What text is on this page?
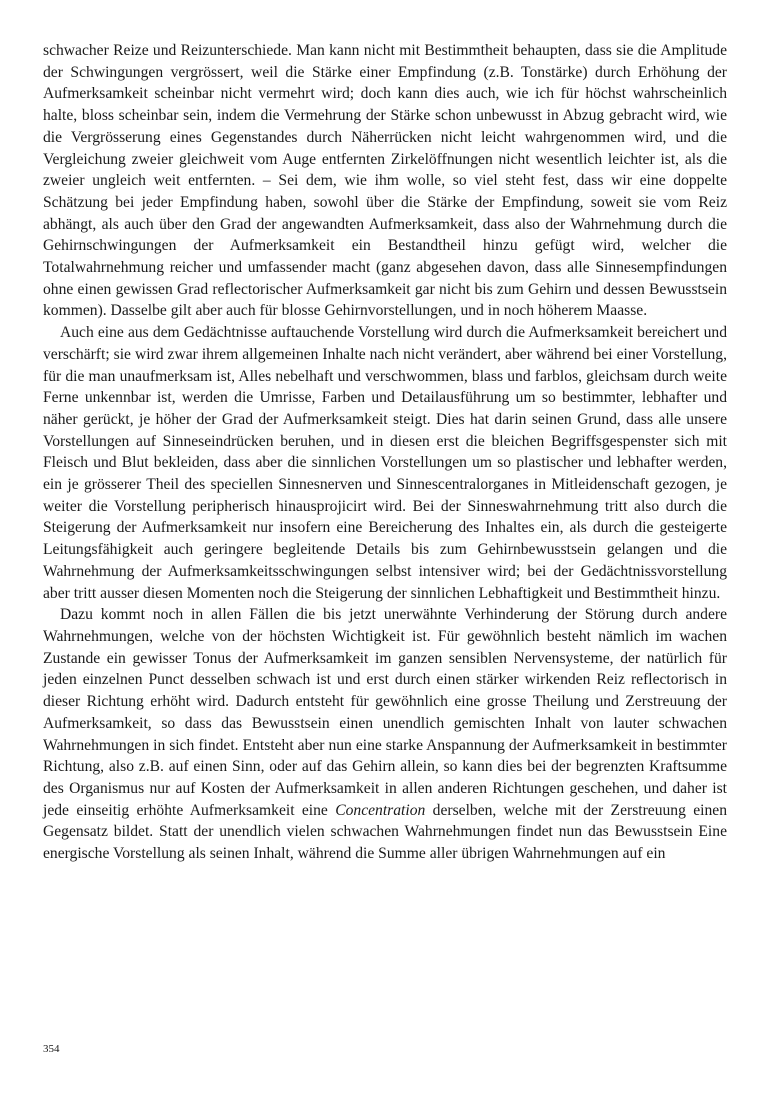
schwacher Reize und Reizunterschiede. Man kann nicht mit Bestimmtheit behaupten, dass sie die Amplitude der Schwingungen vergrössert, weil die Stärke einer Empfindung (z.B. Tonstärke) durch Erhöhung der Aufmerksamkeit scheinbar nicht vermehrt wird; doch kann dies auch, wie ich für höchst wahrscheinlich halte, bloss scheinbar sein, indem die Vermehrung der Stärke schon unbewusst in Abzug gebracht wird, wie die Vergrösserung eines Gegenstandes durch Näherrücken nicht leicht wahrgenommen wird, und die Vergleichung zweier gleichweit vom Auge entfernten Zirkelöffnungen nicht wesentlich leichter ist, als die zweier ungleich weit entfernten. – Sei dem, wie ihm wolle, so viel steht fest, dass wir eine doppelte Schätzung bei jeder Empfindung haben, sowohl über die Stärke der Empfindung, soweit sie vom Reiz abhängt, als auch über den Grad der angewandten Aufmerksamkeit, dass also der Wahrnehmung durch die Gehirnschwingungen der Aufmerksamkeit ein Bestandtheil hinzu gefügt wird, welcher die Totalwahrnehmung reicher und umfassender macht (ganz abgesehen davon, dass alle Sinnesempfindungen ohne einen gewissen Grad reflectorischer Aufmerksamkeit gar nicht bis zum Gehirn und dessen Bewusstsein kommen). Dasselbe gilt aber auch für blosse Gehirnvorstellungen, und in noch höherem Maasse.

Auch eine aus dem Gedächtnisse auftauchende Vorstellung wird durch die Aufmerksamkeit bereichert und verschärft; sie wird zwar ihrem allgemeinen Inhalte nach nicht verändert, aber während bei einer Vorstellung, für die man unaufmerksam ist, Alles nebelhaft und verschwommen, blass und farblos, gleichsam durch weite Ferne unkennbar ist, werden die Umrisse, Farben und Detailausführung um so bestimmter, lebhafter und näher gerückt, je höher der Grad der Aufmerksamkeit steigt. Dies hat darin seinen Grund, dass alle unsere Vorstellungen auf Sinneseindrücken beruhen, und in diesen erst die bleichen Begriffsgespenster sich mit Fleisch und Blut bekleiden, dass aber die sinnlichen Vorstellungen um so plastischer und lebhafter werden, ein je grösserer Theil des speciellen Sinnesnerven und Sinnescentralorganes in Mitleidenschaft gezogen, je weiter die Vorstellung peripherisch hinausprojicirt wird. Bei der Sinneswahrnehmung tritt also durch die Steigerung der Aufmerksamkeit nur insofern eine Bereicherung des Inhaltes ein, als durch die gesteigerte Leitungsfähigkeit auch geringere begleitende Details bis zum Gehirnbewusstsein gelangen und die Wahrnehmung der Aufmerksamkeitsschwingungen selbst intensiver wird; bei der Gedächtnissvorstellung aber tritt ausser diesen Momenten noch die Steigerung der sinnlichen Lebhaftigkeit und Bestimmtheit hinzu.

Dazu kommt noch in allen Fällen die bis jetzt unerwähnte Verhinderung der Störung durch andere Wahrnehmungen, welche von der höchsten Wichtigkeit ist. Für gewöhnlich besteht nämlich im wachen Zustande ein gewisser Tonus der Aufmerksamkeit im ganzen sensiblen Nervensysteme, der natürlich für jeden einzelnen Punct desselben schwach ist und erst durch einen stärker wirkenden Reiz reflectorisch in dieser Richtung erhöht wird. Dadurch entsteht für gewöhnlich eine grosse Theilung und Zerstreuung der Aufmerksamkeit, so dass das Bewusstsein einen unendlich gemischten Inhalt von lauter schwachen Wahrnehmungen in sich findet. Entsteht aber nun eine starke Anspannung der Aufmerksamkeit in bestimmter Richtung, also z.B. auf einen Sinn, oder auf das Gehirn allein, so kann dies bei der begrenzten Kraftsumme des Organismus nur auf Kosten der Aufmerksamkeit in allen anderen Richtungen geschehen, und daher ist jede einseitig erhöhte Aufmerksamkeit eine Concentration derselben, welche mit der Zerstreuung einen Gegensatz bildet. Statt der unendlich vielen schwachen Wahrnehmungen findet nun das Bewusstsein Eine energische Vorstellung als seinen Inhalt, während die Summe aller übrigen Wahrnehmungen auf ein

354
